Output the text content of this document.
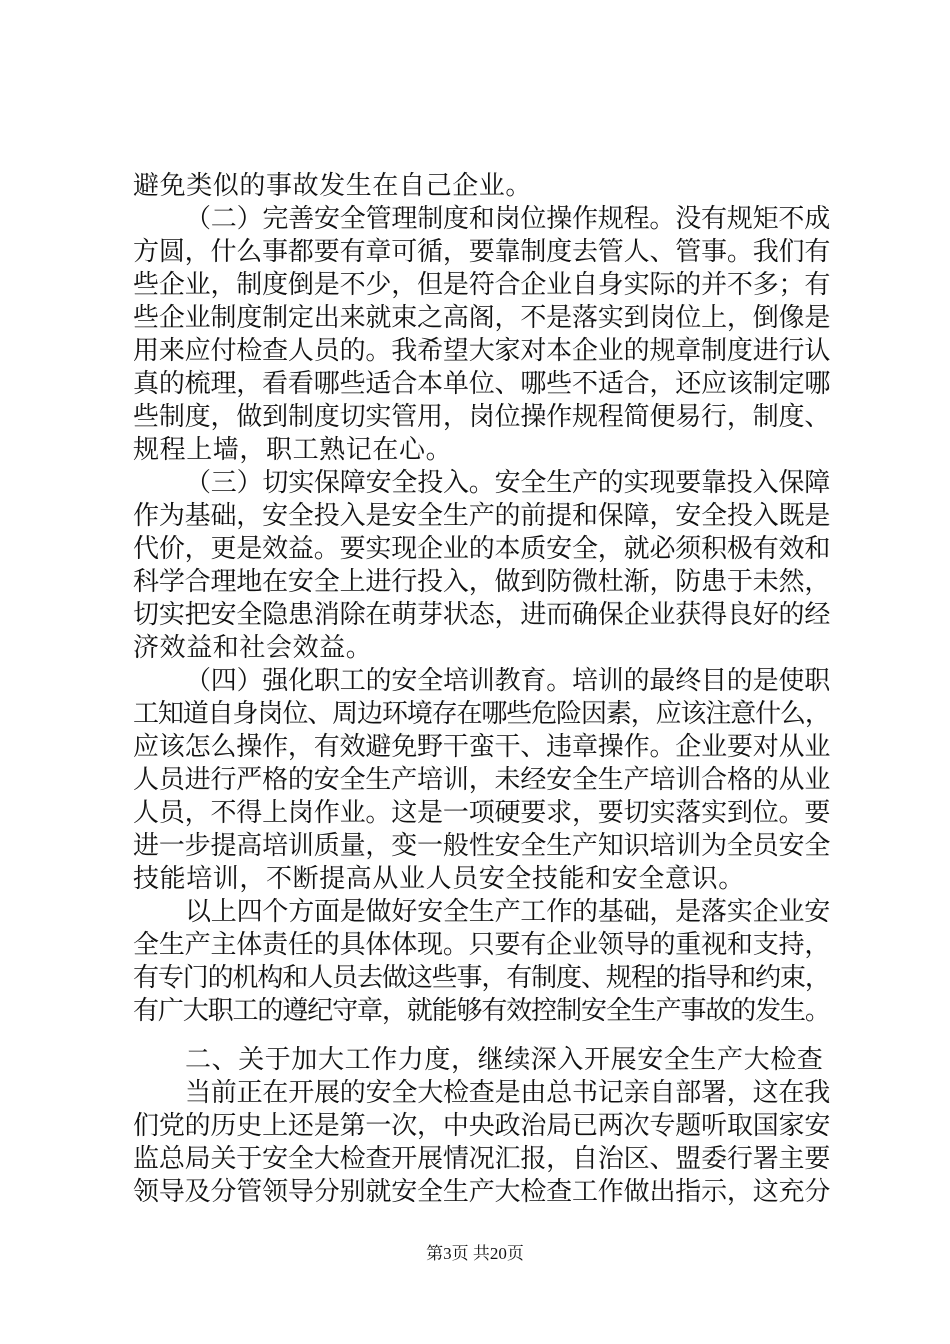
避免类似的事故发生在自己企业。
（二）完善安全管理制度和岗位操作规程。没有规矩不成
方圆，什么事都要有章可循，要靠制度去管人、管事。我们有
些企业，制度倒是不少，但是符合企业自身实际的并不多；有
些企业制度制定出来就束之高阁，不是落实到岗位上，倒像是
用来应付检查人员的。我希望大家对本企业的规章制度进行认
真的梳理，看看哪些适合本单位、哪些不适合，还应该制定哪
些制度，做到制度切实管用，岗位操作规程简便易行，制度、
规程上墙，职工熟记在心。
（三）切实保障安全投入。安全生产的实现要靠投入保障
作为基础，安全投入是安全生产的前提和保障，安全投入既是
代价，更是效益。要实现企业的本质安全，就必须积极有效和
科学合理地在安全上进行投入，做到防微杜渐，防患于未然，
切实把安全隐患消除在萌芽状态，进而确保企业获得良好的经
济效益和社会效益。
（四）强化职工的安全培训教育。培训的最终目的是使职
工知道自身岗位、周边环境存在哪些危险因素，应该注意什么，
应该怎么操作，有效避免野干蛮干、违章操作。企业要对从业
人员进行严格的安全生产培训，未经安全生产培训合格的从业
人员，不得上岗作业。这是一项硬要求，要切实落实到位。要
进一步提高培训质量，变一般性安全生产知识培训为全员安全
技能培训，不断提高从业人员安全技能和安全意识。
以上四个方面是做好安全生产工作的基础，是落实企业安
全生产主体责任的具体体现。只要有企业领导的重视和支持，
有专门的机构和人员去做这些事，有制度、规程的指导和约束，
有广大职工的遵纪守章，就能够有效控制安全生产事故的发生。
二、关于加大工作力度，继续深入开展安全生产大检查
当前正在开展的安全大检查是由总书记亲自部署，这在我
们党的历史上还是第一次，中央政治局已两次专题听取国家安
监总局关于安全大检查开展情况汇报，自治区、盟委行署主要
领导及分管领导分别就安全生产大检查工作做出指示，这充分
第3页 共20页
